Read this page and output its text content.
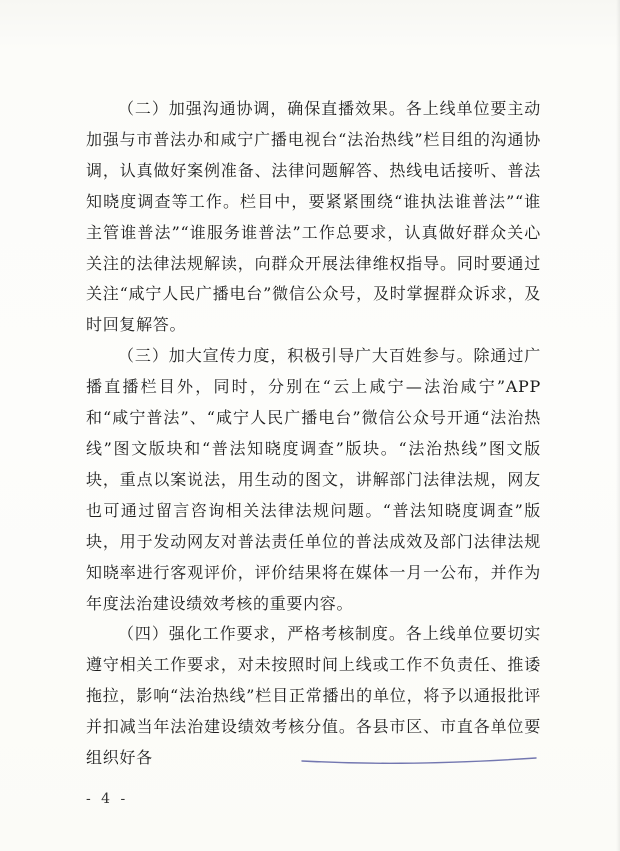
（二）加强沟通协调，确保直播效果。各上线单位要主动加强与市普法办和咸宁广播电视台“法治热线”栏目组的沟通协调，认真做好案例准备、法律问题解答、热线电话接听、普法知晓度调查等工作。栏目中，要紧紧围绕“谁执法谁普法”“谁主管谁普法”“谁服务谁普法”工作总要求，认真做好群众关心关注的法律法规解读，向群众开展法律维权指导。同时要通过关注“咸宁人民广播电台”微信公众号，及时掌握群众诉求，及时回复解答。

（三）加大宣传力度，积极引导广大百姓参与。除通过广播直播栏目外，同时，分别在“云上咸宁—法治咸宁”APP和“咸宁普法”、“咸宁人民广播电台”微信公众号开通“法治热线”图文版块和“普法知晓度调查”版块。“法治热线”图文版块，重点以案说法，用生动的图文，讲解部门法律法规，网友也可通过留言咨询相关法律法规问题。“普法知晓度调查”版块，用于发动网友对普法责任单位的普法成效及部门法律法规知晓率进行客观评价，评价结果将在媒体一月一公布，并作为年度法治建设绩效考核的重要内容。

（四）强化工作要求，严格考核制度。各上线单位要切实遵守相关工作要求，对未按照时间上线或工作不负责任、推诿拖拉，影响“法治热线”栏目正常播出的单位，将予以通报批评并扣减当年法治建设绩效考核分值。各县市区、市直各单位要组织好各

- 4 -
